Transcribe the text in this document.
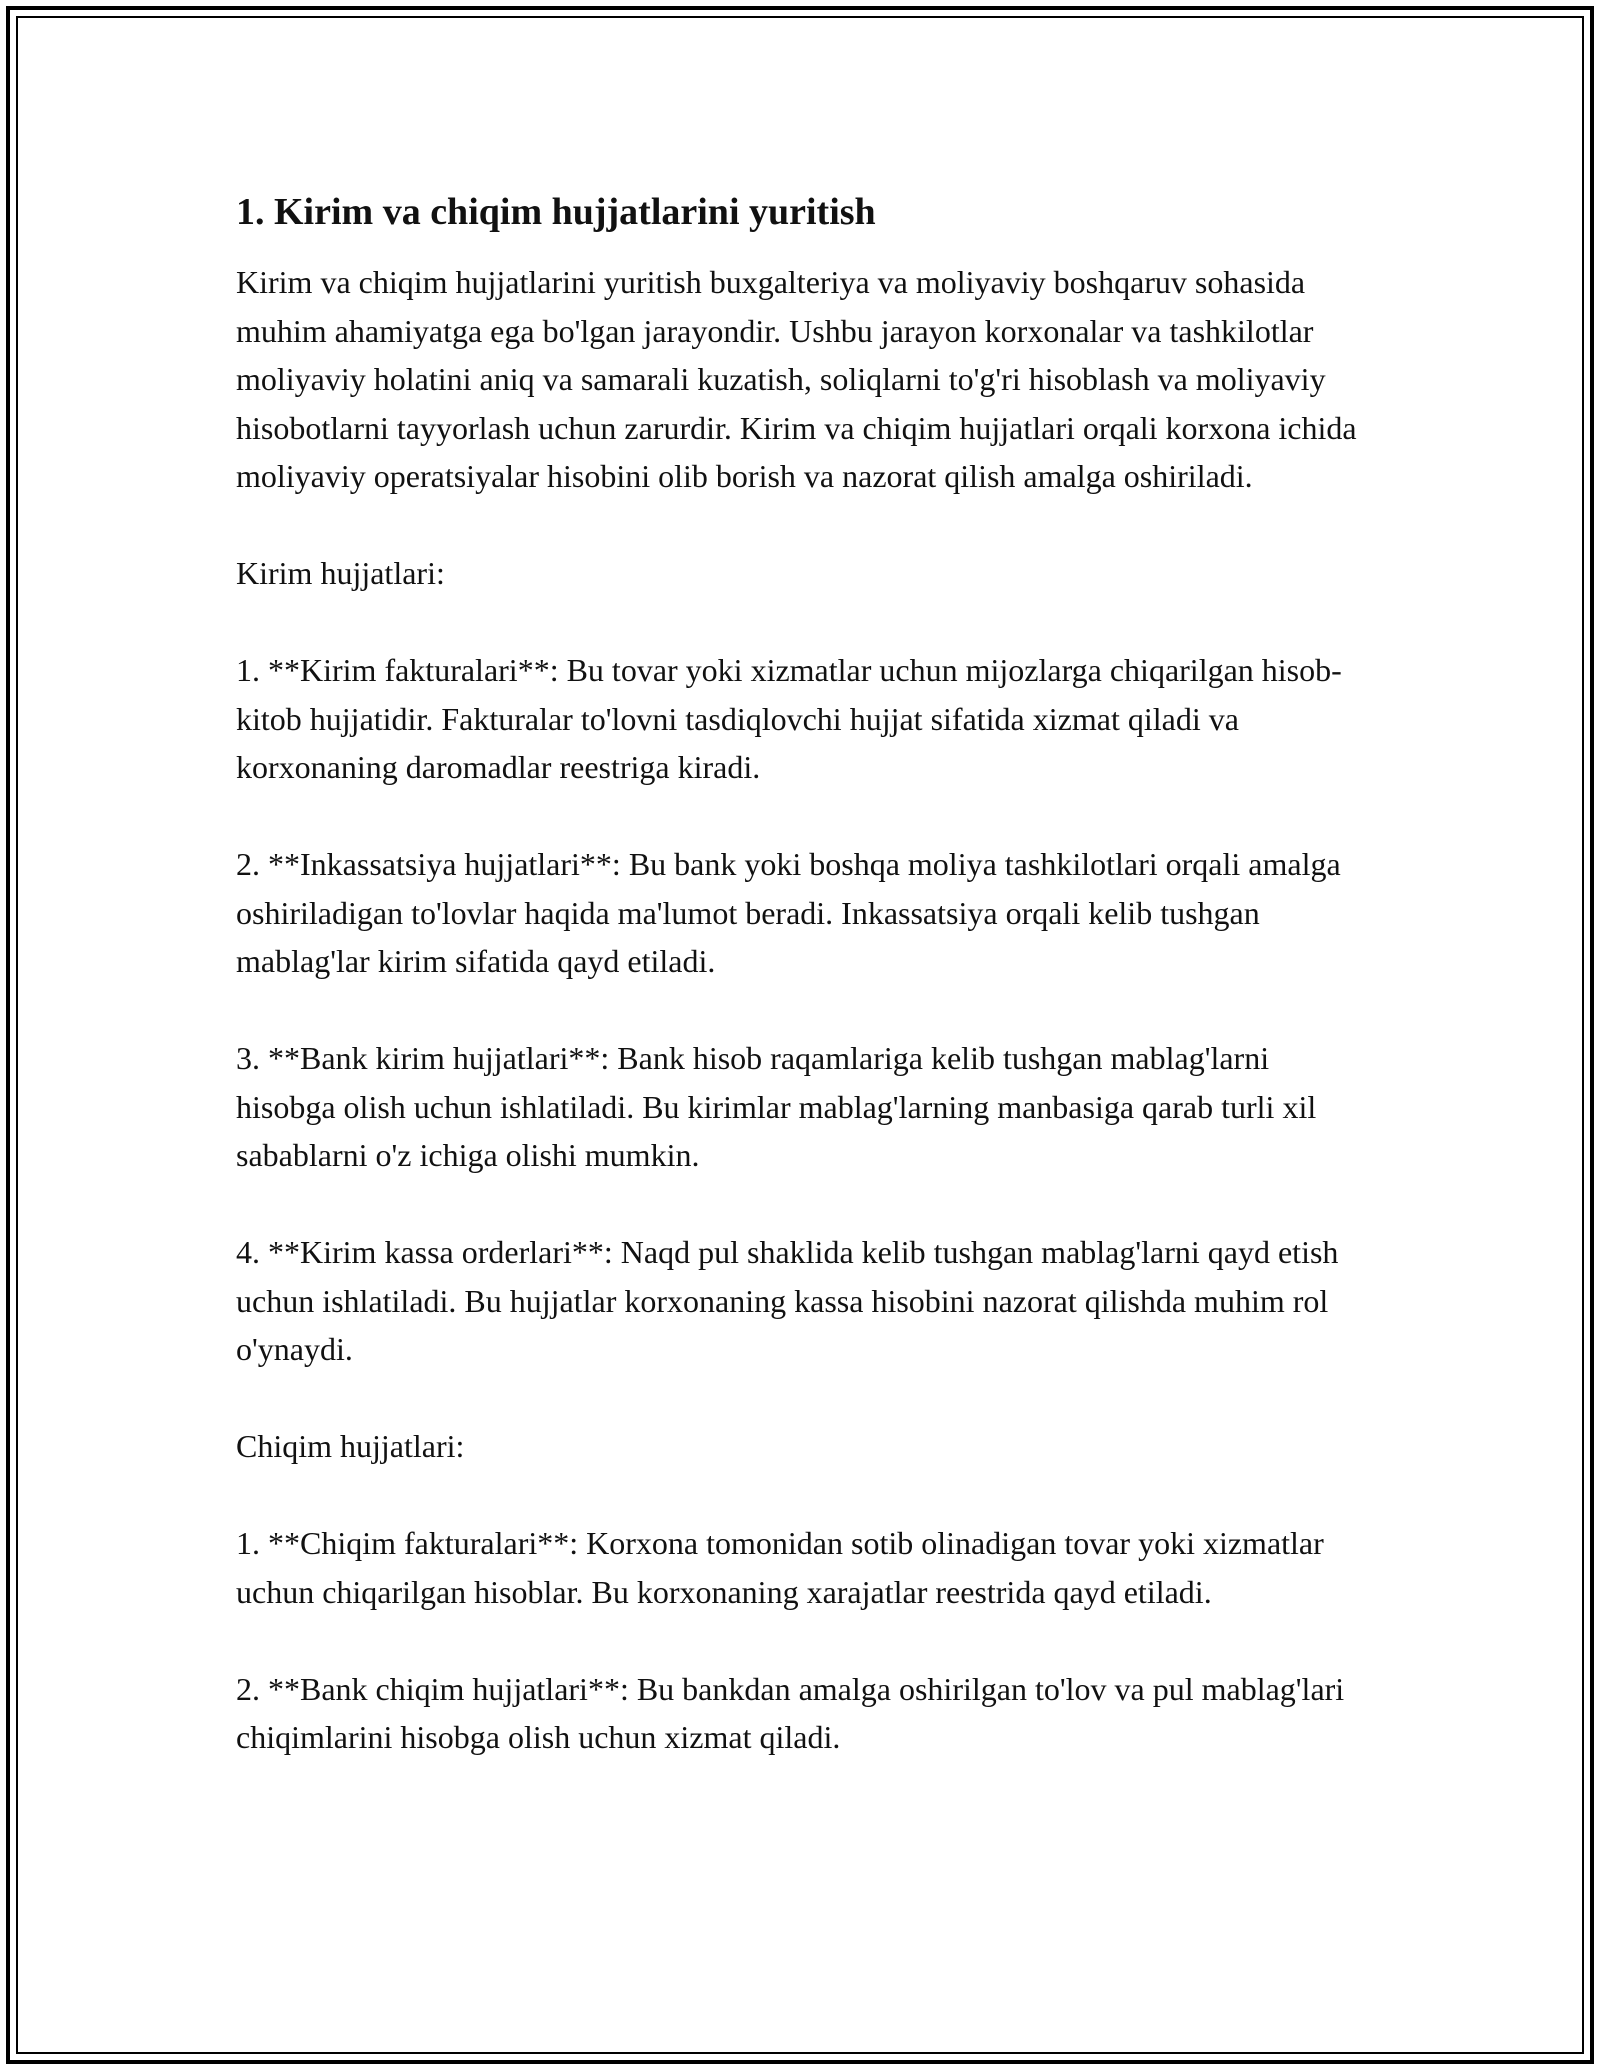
1. Kirim va chiqim hujjatlarini yuritish

Kirim va chiqim hujjatlarini yuritish buxgalteriya va moliyaviy boshqaruv sohasida muhim ahamiyatga ega bo'lgan jarayondir. Ushbu jarayon korxonalar va tashkilotlar moliyaviy holatini aniq va samarali kuzatish, soliqlarni to'g'ri hisoblash va moliyaviy hisobotlarni tayyorlash uchun zarurdir. Kirim va chiqim hujjatlari orqali korxona ichida moliyaviy operatsiyalar hisobini olib borish va nazorat qilish amalga oshiriladi.

Kirim hujjatlari:

1. **Kirim fakturalari**: Bu tovar yoki xizmatlar uchun mijozlarga chiqarilgan hisob-kitob hujjatidir. Fakturalar to'lovni tasdiqlovchi hujjat sifatida xizmat qiladi va korxonaning daromadlar reestriga kiradi.

2. **Inkassatsiya hujjatlari**: Bu bank yoki boshqa moliya tashkilotlari orqali amalga oshiriladigan to'lovlar haqida ma'lumot beradi. Inkassatsiya orqali kelib tushgan mablag'lar kirim sifatida qayd etiladi.

3. **Bank kirim hujjatlari**: Bank hisob raqamlariga kelib tushgan mablag'larni hisobga olish uchun ishlatiladi. Bu kirimlar mablag'larning manbasiga qarab turli xil sabablarni o'z ichiga olishi mumkin.

4. **Kirim kassa orderlari**: Naqd pul shaklida kelib tushgan mablag'larni qayd etish uchun ishlatiladi. Bu hujjatlar korxonaning kassa hisobini nazorat qilishda muhim rol o'ynaydi.

Chiqim hujjatlari:

1. **Chiqim fakturalari**: Korxona tomonidan sotib olinadigan tovar yoki xizmatlar uchun chiqarilgan hisoblar. Bu korxonaning xarajatlar reestrida qayd etiladi.

2. **Bank chiqim hujjatlari**: Bu bankdan amalga oshirilgan to'lov va pul mablag'lari chiqimlarini hisobga olish uchun xizmat qiladi.
